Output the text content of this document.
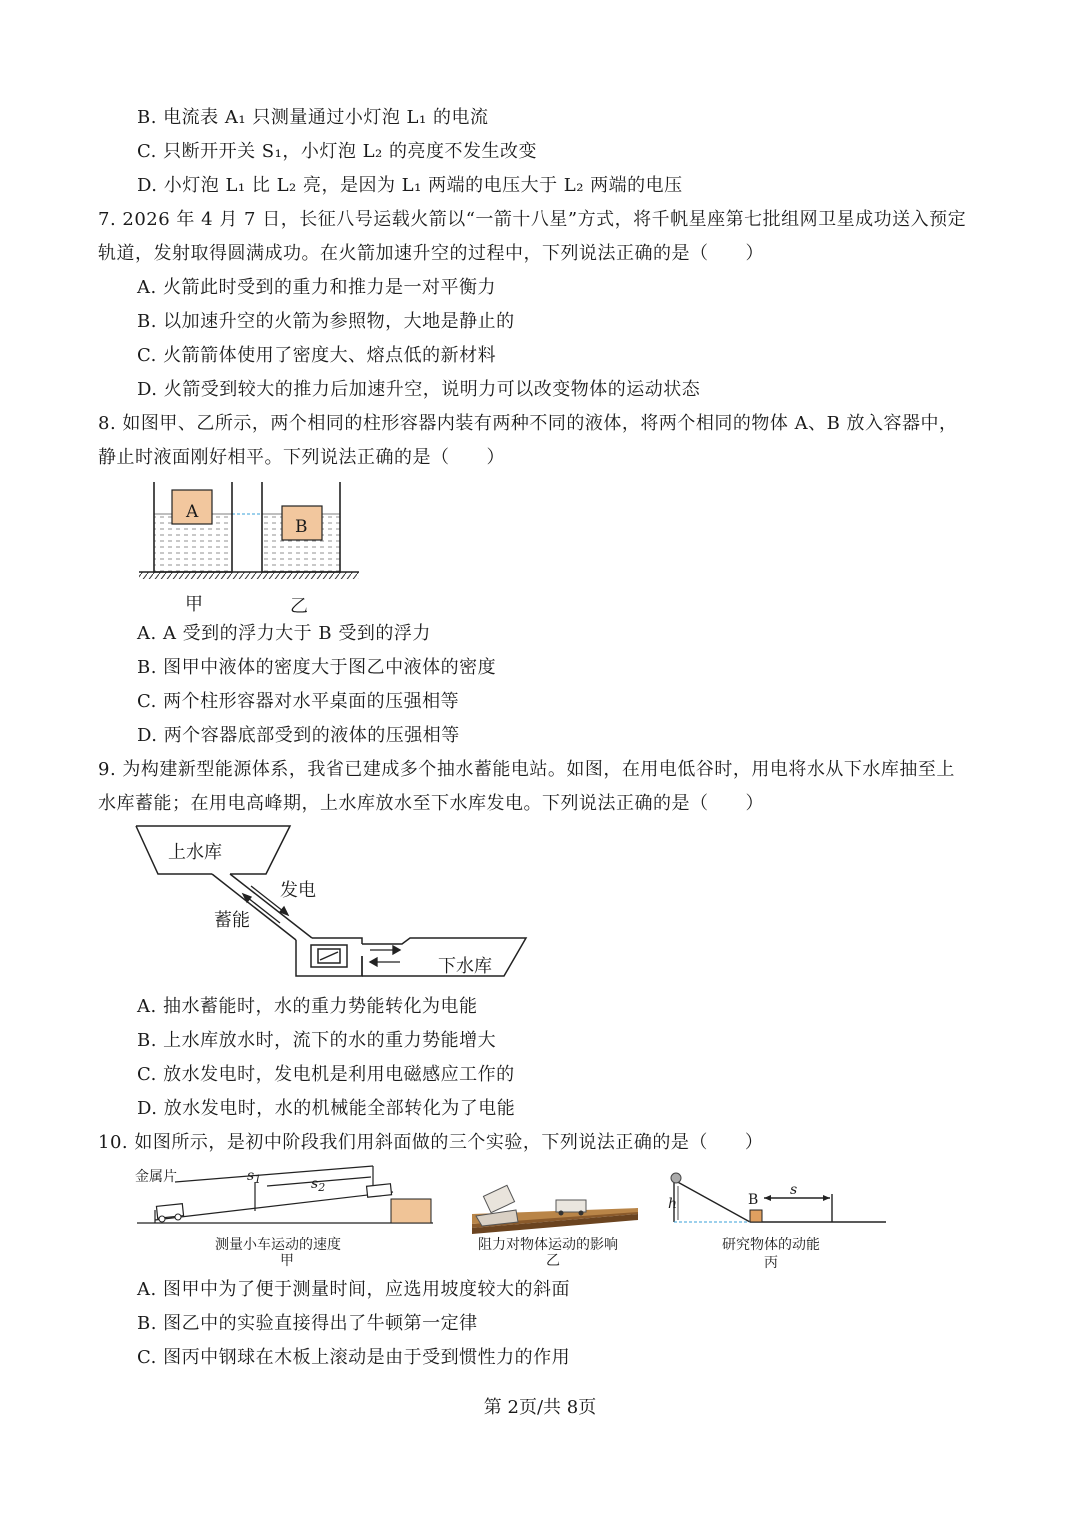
B. 电流表 A₁ 只测量通过小灯泡 L₁ 的电流
C. 只断开开关 S₁，小灯泡 L₂ 的亮度不发生改变
D. 小灯泡 L₁ 比 L₂ 亮，是因为 L₁ 两端的电压大于 L₂ 两端的电压
7. 2026 年 4 月 7 日，长征八号运载火箭以“一箭十八星”方式，将千帆星座第七批组网卫星成功送入预定
轨道，发射取得圆满成功。在火箭加速升空的过程中，下列说法正确的是（　　）
A. 火箭此时受到的重力和推力是一对平衡力
B. 以加速升空的火箭为参照物，大地是静止的
C. 火箭箭体使用了密度大、熔点低的新材料
D. 火箭受到较大的推力后加速升空，说明力可以改变物体的运动状态
8. 如图甲、乙所示，两个相同的柱形容器内装有两种不同的液体，将两个相同的物体 A、B 放入容器中，
静止时液面刚好相平。下列说法正确的是（　　）
A
B
甲	乙
A. A 受到的浮力大于 B 受到的浮力
B. 图甲中液体的密度大于图乙中液体的密度
C. 两个柱形容器对水平桌面的压强相等
D. 两个容器底部受到的液体的压强相等
9. 为构建新型能源体系，我省已建成多个抽水蓄能电站。如图，在用电低谷时，用电将水从下水库抽至上
水库蓄能；在用电高峰期，上水库放水至下水库发电。下列说法正确的是（　　）
上水库
发电
蓄能
下水库
A. 抽水蓄能时，水的重力势能转化为电能
B. 上水库放水时，流下的水的重力势能增大
C. 放水发电时，发电机是利用电磁感应工作的
D. 放水发电时，水的机械能全部转化为了电能
10. 如图所示，是初中阶段我们用斜面做的三个实验，下列说法正确的是（　　）
金属片	$s_1$	$s_2$
测量小车运动的速度
甲
阻力对物体运动的影响
乙
h	B
s
研究物体的动能
丙
A. 图甲中为了便于测量时间，应选用坡度较大的斜面
B. 图乙中的实验直接得出了牛顿第一定律
C. 图丙中钢球在木板上滚动是由于受到惯性力的作用
第 2页/共 8页
